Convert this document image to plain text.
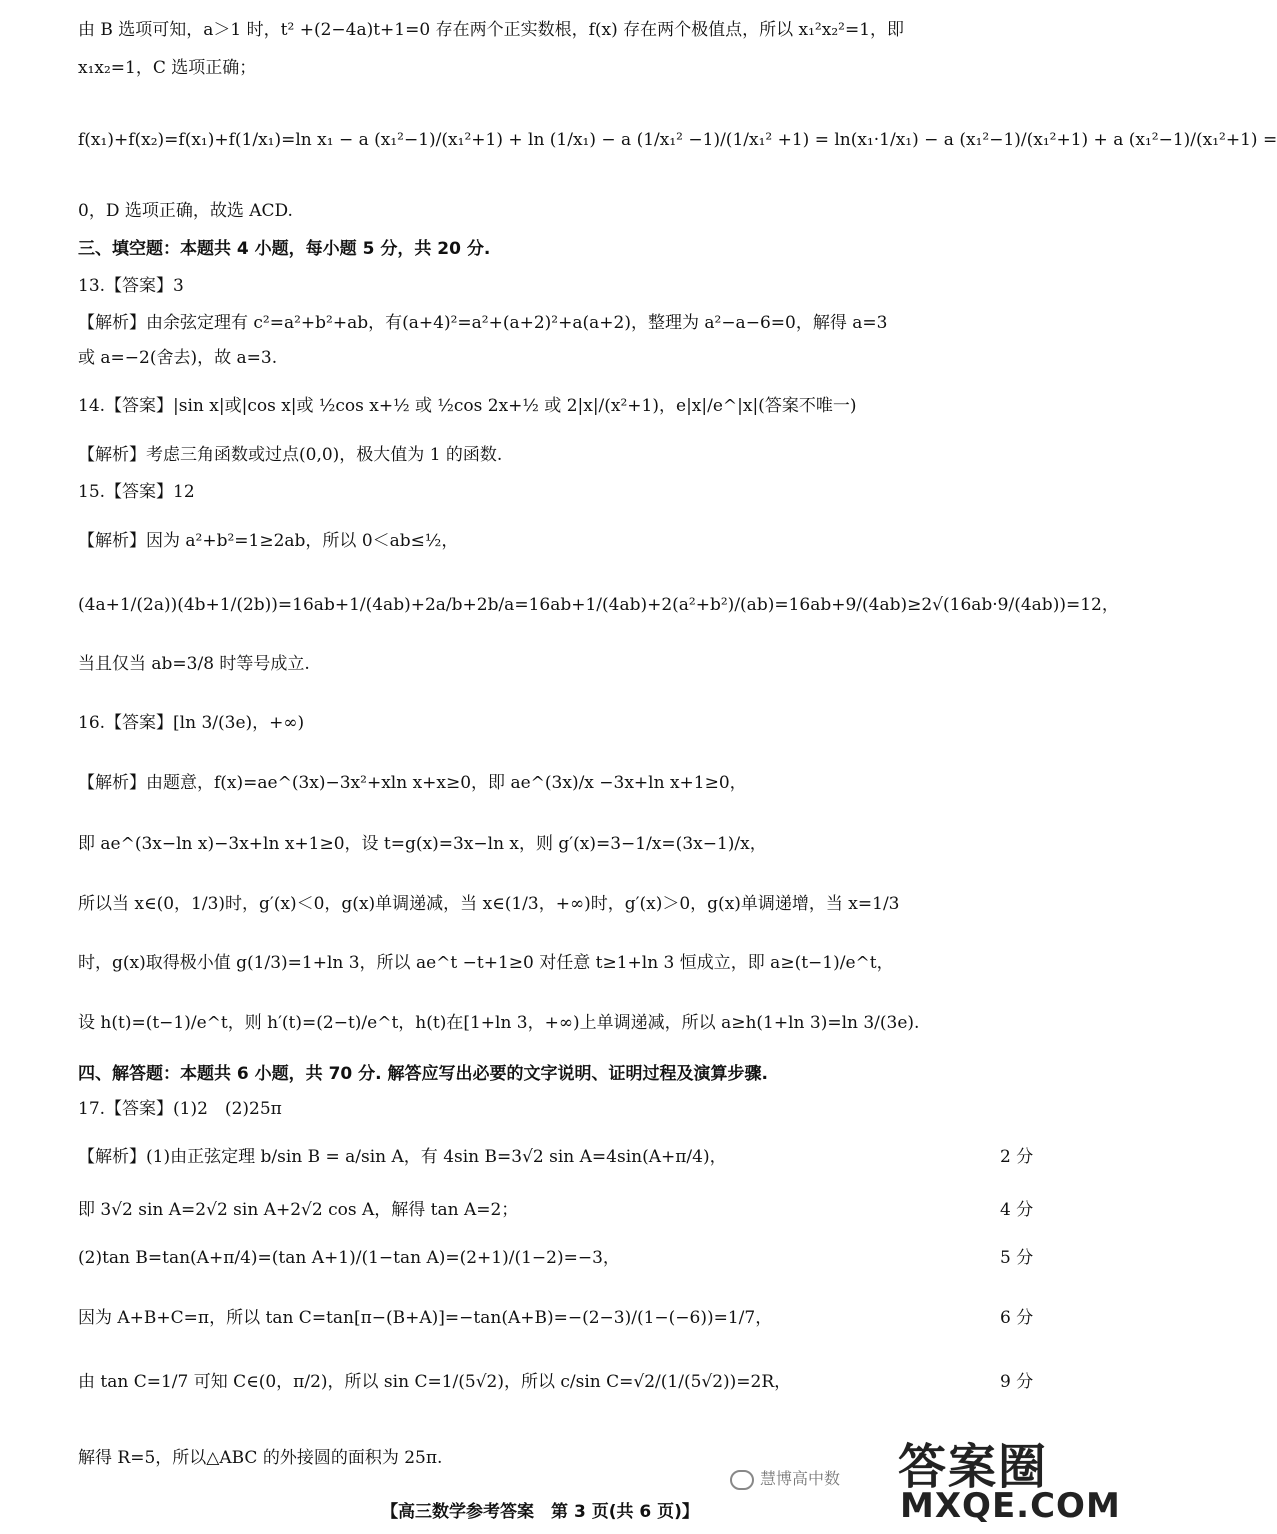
由 B 选项可知，a＞1 时，t² +(2−4a)t+1=0 存在两个正实数根，f(x) 存在两个极值点，所以 x₁²x₂²=1，即
x₁x₂=1，C 选项正确；
f(x₁)+f(x₂)=f(x₁)+f(1/x₁)=ln x₁ − a (x₁²−1)/(x₁²+1) + ln (1/x₁) − a (1/x₁² −1)/(1/x₁² +1) = ln(x₁·1/x₁) − a (x₁²−1)/(x₁²+1) + a (x₁²−1)/(x₁²+1) =
0，D 选项正确，故选 ACD.
三、填空题：本题共 4 小题，每小题 5 分，共 20 分.
13.【答案】3
【解析】由余弦定理有 c²=a²+b²+ab，有(a+4)²=a²+(a+2)²+a(a+2)，整理为 a²−a−6=0，解得 a=3
或 a=−2(舍去)，故 a=3.
14.【答案】|sin x|或|cos x|或 ½cos x+½ 或 ½cos 2x+½ 或 2|x|/(x²+1)，e|x|/e^|x|(答案不唯一)
【解析】考虑三角函数或过点(0,0)，极大值为 1 的函数.
15.【答案】12
【解析】因为 a²+b²=1≥2ab，所以 0＜ab≤½，
(4a+1/(2a))(4b+1/(2b))=16ab+1/(4ab)+2a/b+2b/a=16ab+1/(4ab)+2(a²+b²)/(ab)=16ab+9/(4ab)≥2√(16ab·9/(4ab))=12，
当且仅当 ab=3/8 时等号成立.
16.【答案】[ln 3/(3e)，+∞)
【解析】由题意，f(x)=ae^(3x)−3x²+xln x+x≥0，即 ae^(3x)/x −3x+ln x+1≥0，
即 ae^(3x−ln x)−3x+ln x+1≥0，设 t=g(x)=3x−ln x，则 g′(x)=3−1/x=(3x−1)/x，
所以当 x∈(0，1/3)时，g′(x)＜0，g(x)单调递减，当 x∈(1/3，+∞)时，g′(x)＞0，g(x)单调递增，当 x=1/3
时，g(x)取得极小值 g(1/3)=1+ln 3，所以 ae^t −t+1≥0 对任意 t≥1+ln 3 恒成立，即 a≥(t−1)/e^t，
设 h(t)=(t−1)/e^t，则 h′(t)=(2−t)/e^t，h(t)在[1+ln 3，+∞)上单调递减，所以 a≥h(1+ln 3)=ln 3/(3e).
四、解答题：本题共 6 小题，共 70 分. 解答应写出必要的文字说明、证明过程及演算步骤.
17.【答案】(1)2　(2)25π
【解析】(1)由正弦定理 b/sin B = a/sin A，有 4sin B=3√2 sin A=4sin(A+π/4)，	2 分
即 3√2 sin A=2√2 sin A+2√2 cos A，解得 tan A=2；	4 分
(2)tan B=tan(A+π/4)=(tan A+1)/(1−tan A)=(2+1)/(1−2)=−3，	5 分
因为 A+B+C=π，所以 tan C=tan[π−(B+A)]=−tan(A+B)=−(2−3)/(1−(−6))=1/7，	6 分
由 tan C=1/7 可知 C∈(0，π/2)，所以 sin C=1/(5√2)，所以 c/sin C=√2/(1/(5√2))=2R，	9 分
解得 R=5，所以△ABC 的外接圆的面积为 25π.
慧博高中数
【高三数学参考答案　第 3 页(共 6 页)】
答案圈
MXQE.COM
